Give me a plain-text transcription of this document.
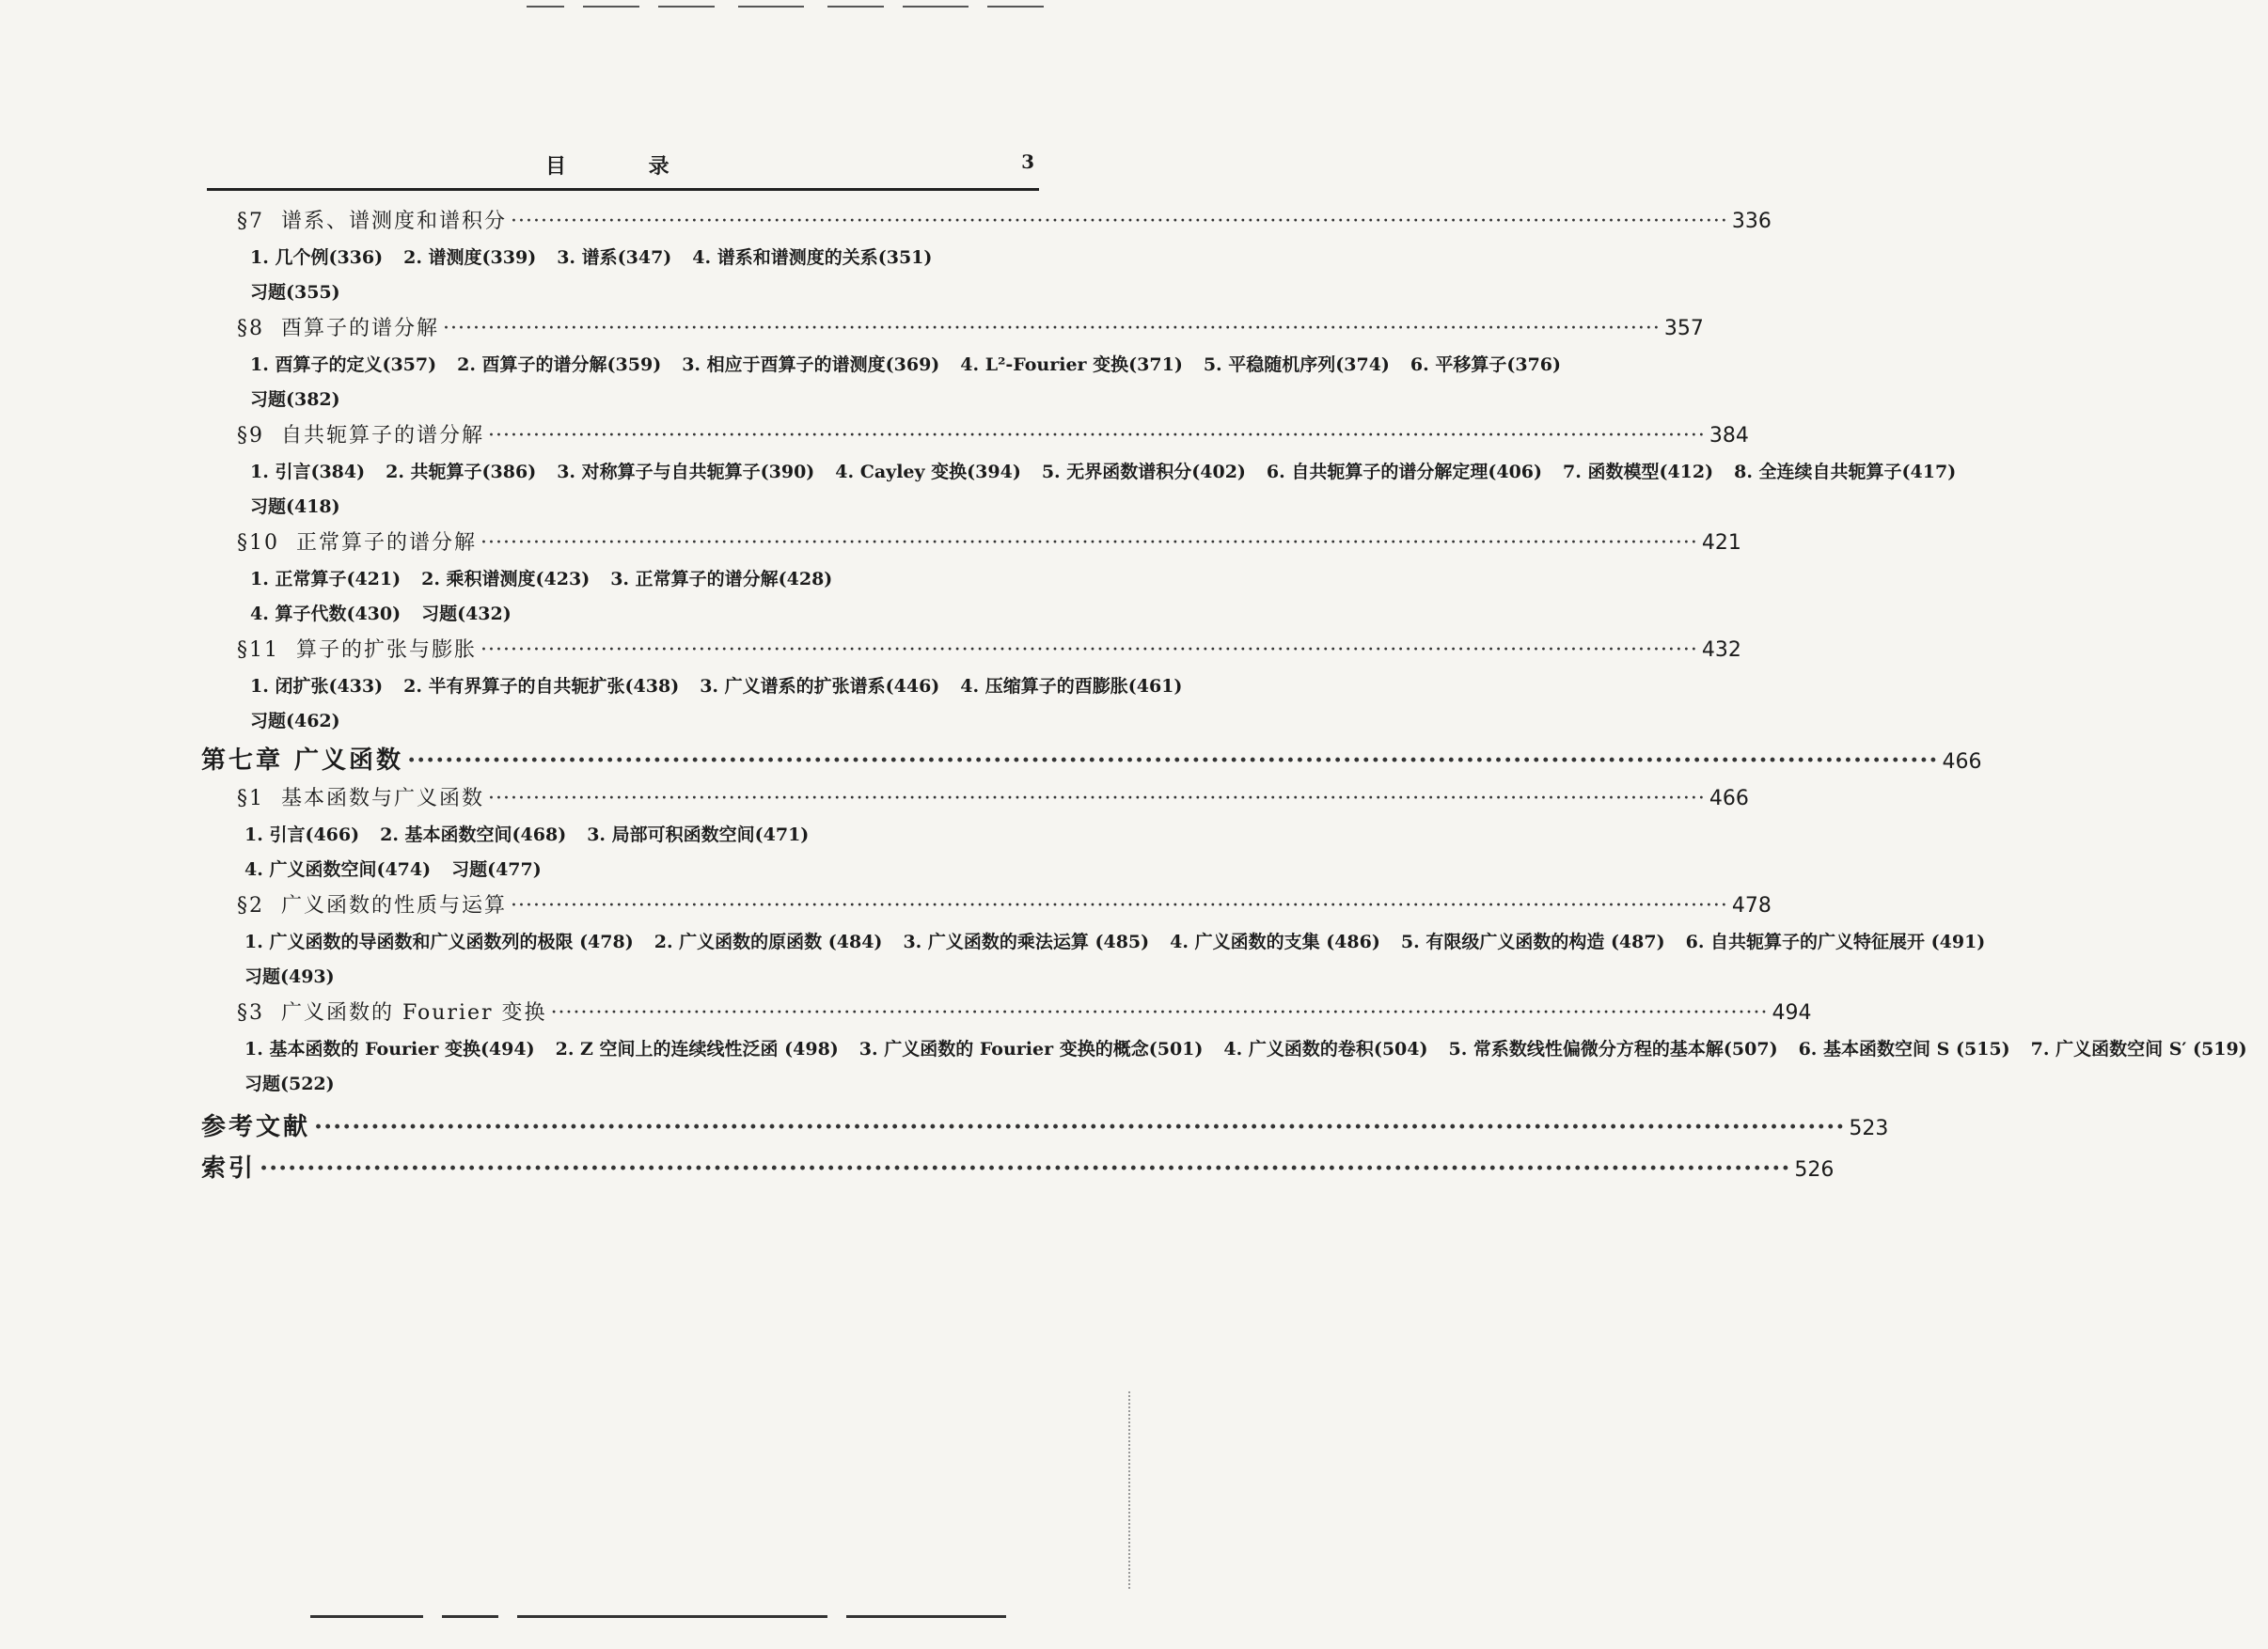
目 录	3
§7 谱系、谱测度和谱积分 ·····	336
1. 几个例(336) 2. 谱测度(339) 3. 谱系(347) 4. 谱系和谱测度的关系(351)习题(355)
§8 酉算子的谱分解 ·····	357
1. 酉算子的定义(357) 2. 酉算子的谱分解(359) 3. 相应于酉算子的谱测度(369) 4. L²-Fourier 变换(371) 5. 平稳随机序列(374) 6. 平移算子(376)习题(382)
§9 自共轭算子的谱分解 ·····	384
1. 引言(384) 2. 共轭算子(386) 3. 对称算子与自共轭算子(390) 4. Cayley 变换(394) 5. 无界函数谱积分(402) 6. 自共轭算子的谱分解定理(406) 7. 函数模型(412) 8. 全连续自共轭算子(417)习题(418)
§10 正常算子的谱分解 ·····	421
1. 正常算子(421) 2. 乘积谱测度(423) 3. 正常算子的谱分解(428)
4. 算子代数(430) 习题(432)
§11 算子的扩张与膨胀 ·····	432
1. 闭扩张(433) 2. 半有界算子的自共轭扩张(438) 3. 广义谱系的扩张谱系(446) 4. 压缩算子的酉膨胀(461)习题(462)
第七章 广义函数 ·····	466
§1 基本函数与广义函数 ·····	466
1. 引言(466) 2. 基本函数空间(468) 3. 局部可积函数空间(471)
4. 广义函数空间(474) 习题(477)
§2 广义函数的性质与运算 ·····	478
1. 广义函数的导函数和广义函数列的极限 (478) 2. 广义函数的原函数 (484) 3. 广义函数的乘法运算 (485) 4. 广义函数的支集 (486) 5. 有限级广义函数的构造 (487) 6. 自共轭算子的广义特征展开 (491)习题(493)
§3 广义函数的 Fourier 变换 ·····	494
1. 基本函数的 Fourier 变换(494) 2. Z 空间上的连续线性泛函 (498) 3. 广义函数的 Fourier 变换的概念(501) 4. 广义函数的卷积(504) 5. 常系数线性偏微分方程的基本解(507) 6. 基本函数空间 S (515) 7. 广义函数空间 S′ (519)习题(522)
参考文献 ·····	523
索引 ·····	526
